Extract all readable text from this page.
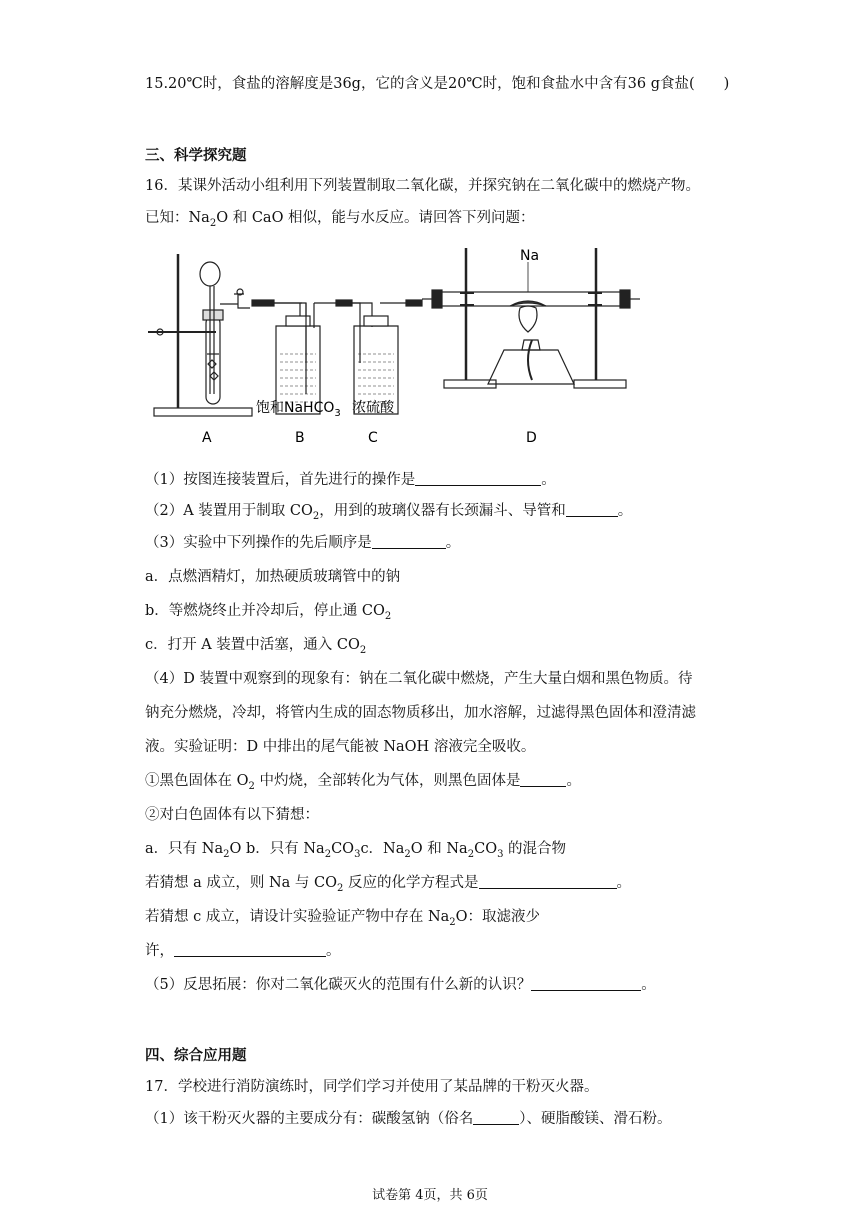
15.20℃时，食盐的溶解度是36g，它的含义是20℃时，饱和食盐水中含有36 g食盐(　　)
三、科学探究题
16．某课外活动小组利用下列装置制取二氧化碳，并探究钠在二氧化碳中的燃烧产物。
已知：$Na_2O$ 和 CaO 相似，能与水反应。请回答下列问题：
Na
饱和NaHCO$_3$ 浓硫酸
A	B	C	D
（1）按图连接装置后，首先进行的操作是	。
（2）A 装置用于制取 $CO_2$，用到的玻璃仪器有长颈漏斗、导管和	。
（3）实验中下列操作的先后顺序是	。
a．点燃酒精灯，加热硬质玻璃管中的钠
b．等燃烧终止并冷却后，停止通 $CO_2$
c．打开 A 装置中活塞，通入 $CO_2$
（4）D 装置中观察到的现象有：钠在二氧化碳中燃烧，产生大量白烟和黑色物质。待
钠充分燃烧，冷却，将管内生成的固态物质移出，加水溶解，过滤得黑色固体和澄清滤
液。实验证明：D 中排出的尾气能被 NaOH 溶液完全吸收。
①黑色固体在 $O_2$ 中灼烧，全部转化为气体，则黑色固体是	。
②对白色固体有以下猜想：
a．只有 $Na_2O$ b．只有 $Na_2CO_3c$．$Na_2O$ 和 $Na_2CO_3$ 的混合物
若猜想 a 成立，则 Na 与 $CO_2$ 反应的化学方程式是	。
若猜想 c 成立，请设计实验验证产物中存在 $Na_2O$：取滤液少
许，	。
（5）反思拓展：你对二氧化碳灭火的范围有什么新的认识？	。
四、综合应用题
17．学校进行消防演练时，同学们学习并使用了某品牌的干粉灭火器。
（1）该干粉灭火器的主要成分有：碳酸氢钠（俗名	）、硬脂酸镁、滑石粉。
试卷第 4页，共 6页
